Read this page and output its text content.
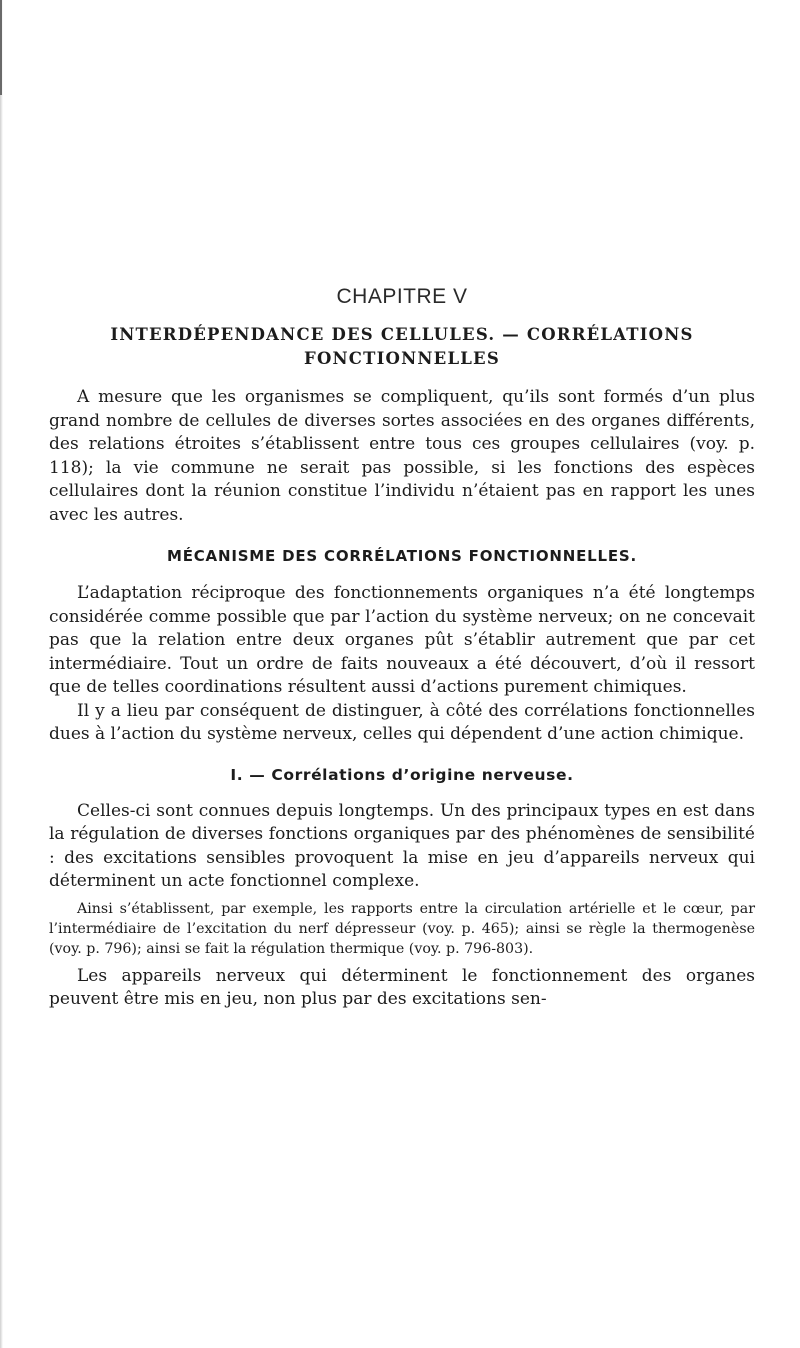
CHAPITRE V
INTERDÉPENDANCE DES CELLULES. — CORRÉLATIONS FONCTIONNELLES

A mesure que les organismes se compliquent, qu’ils sont formés d’un plus grand nombre de cellules de diverses sortes associées en des organes différents, des relations étroites s’établissent entre tous ces groupes cellulaires (voy. p. 118); la vie commune ne serait pas possible, si les fonctions des espèces cellulaires dont la réunion constitue l’individu n’étaient pas en rapport les unes avec les autres.

MÉCANISME DES CORRÉLATIONS FONCTIONNELLES.

L’adaptation réciproque des fonctionnements organiques n’a été longtemps considérée comme possible que par l’action du système nerveux; on ne concevait pas que la relation entre deux organes pût s’établir autrement que par cet intermédiaire. Tout un ordre de faits nouveaux a été découvert, d’où il ressort que de telles coordinations résultent aussi d’actions purement chimiques.

Il y a lieu par conséquent de distinguer, à côté des corrélations fonctionnelles dues à l’action du système nerveux, celles qui dépendent d’une action chimique.

I. — Corrélations d’origine nerveuse.

Celles-ci sont connues depuis longtemps. Un des principaux types en est dans la régulation de diverses fonctions organiques par des phénomènes de sensibilité : des excitations sensibles provoquent la mise en jeu d’appareils nerveux qui déterminent un acte fonctionnel complexe.

Ainsi s’établissent, par exemple, les rapports entre la circulation artérielle et le cœur, par l’intermédiaire de l’excitation du nerf dépresseur (voy. p. 465); ainsi se règle la thermogenèse (voy. p. 796); ainsi se fait la régulation thermique (voy. p. 796-803).

Les appareils nerveux qui déterminent le fonctionnement des organes peuvent être mis en jeu, non plus par des excitations sen-
